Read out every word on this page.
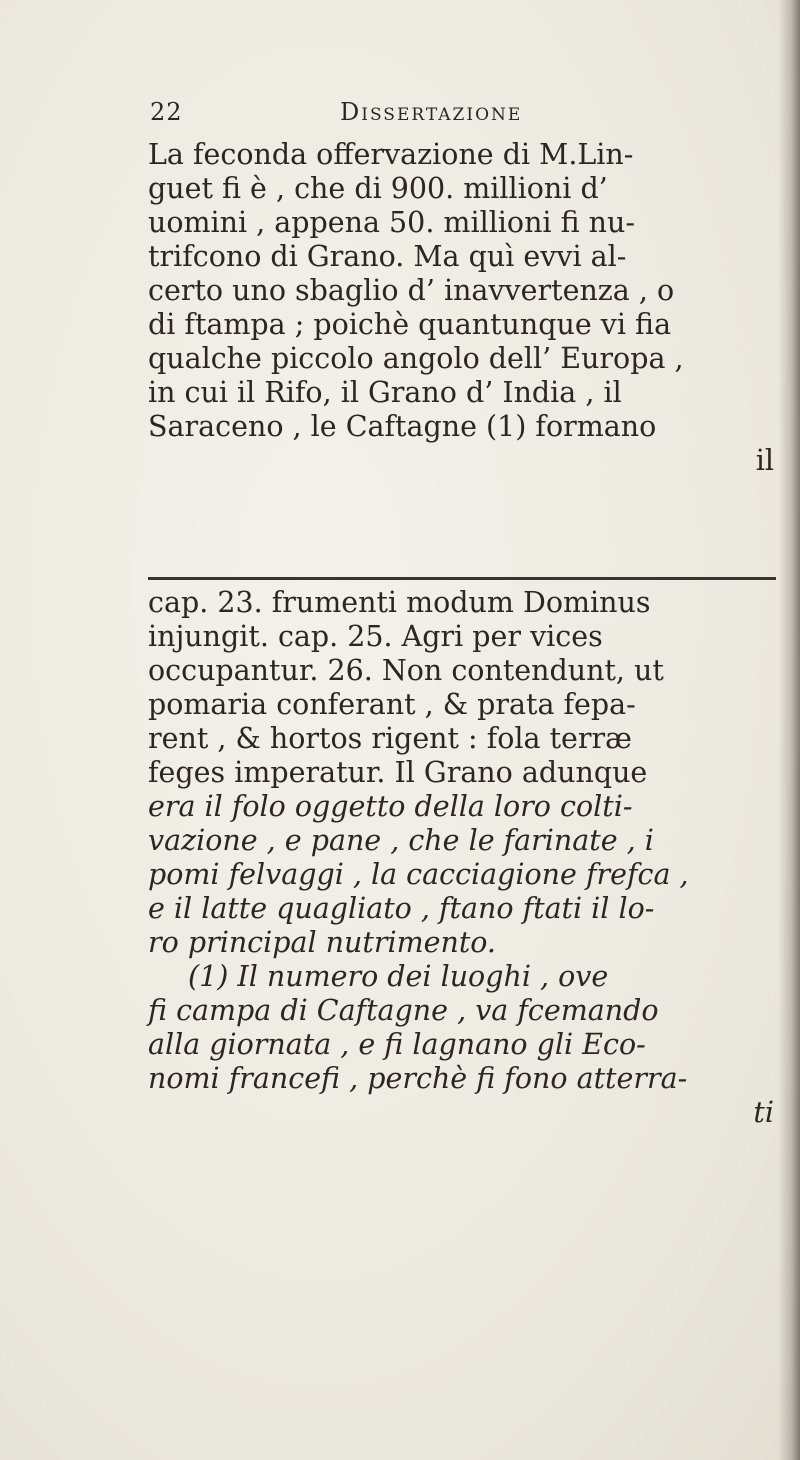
22	Dissertazione
La feconda offervazione di M.Lin-
guet fi è , che di 900. millioni d’
uomini , appena 50. millioni fi nu-
trifcono di Grano. Ma quì evvi al-
certo uno sbaglio d’ inavvertenza , o
di ftampa ; poichè quantunque vi fia
qualche piccolo angolo dell’ Europa ,
in cui il Rifo, il Grano d’ India , il
Saraceno , le Caftagne (1) formano
il
cap. 23. frumenti modum Dominus
injungit. cap. 25. Agri per vices
occupantur. 26. Non contendunt, ut
pomaria conferant , & prata fepa-
rent , & hortos rigent : fola terræ
feges imperatur. Il Grano adunque
era il folo oggetto della loro colti-
vazione , e pane , che le farinate , i
pomi felvaggi , la cacciagione frefca ,
e il latte quagliato , ftano ftati il lo-
ro principal nutrimento.
(1) Il numero dei luoghi , ove
fi campa di Caftagne , va fcemando
alla giornata , e fi lagnano gli Eco-
nomi francefi , perchè fi fono atterra-
ti
